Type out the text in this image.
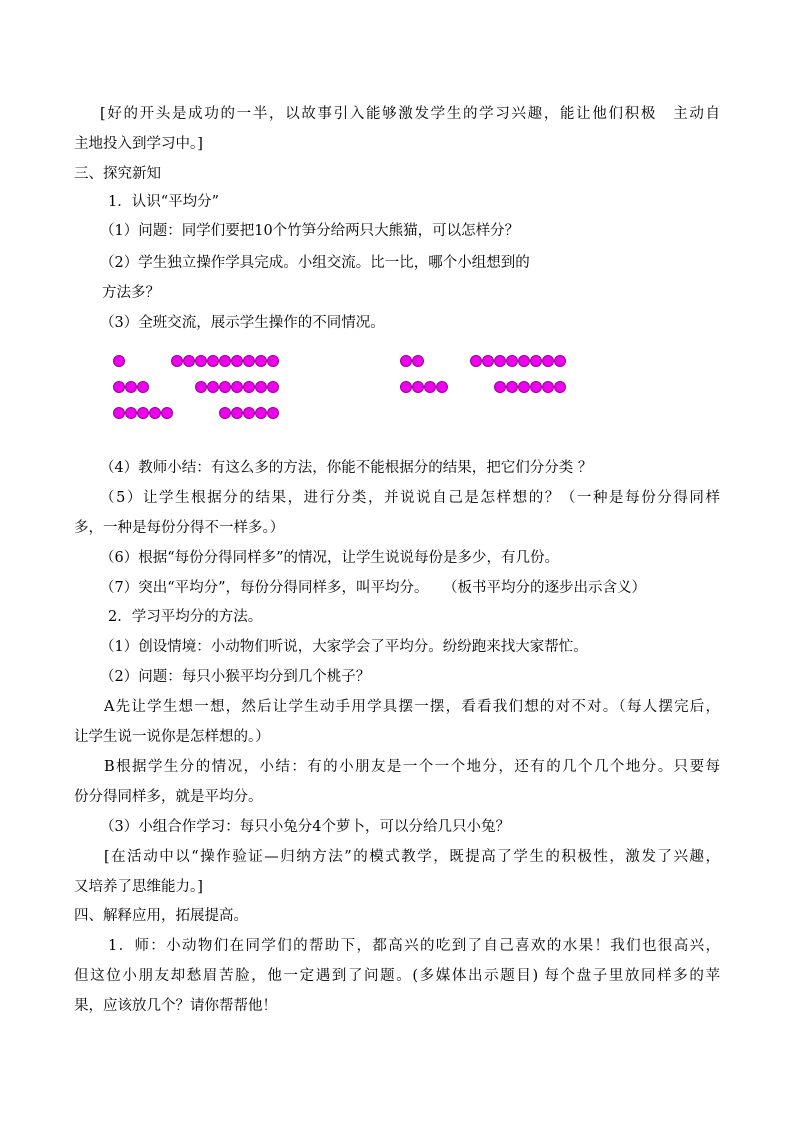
[好的开头是成功的一半，以故事引入能够激发学生的学习兴趣，能让他们积极　主动自
主地投入到学习中。]
三、探究新知
1．认识“平均分”
（1）问题：同学们要把10个竹笋分给两只大熊猫，可以怎样分？
（2）学生独立操作学具完成。小组交流。比一比，哪个小组想到的
方法多？
（3）全班交流，展示学生操作的不同情况。
（4）教师小结：有这么多的方法，你能不能根据分的结果，把它们分分类 ？
（5）让学生根据分的结果，进行分类，并说说自己是怎样想的？（一种是每份分得同样
多，一种是每份分得不一样多。）
（6）根据“每份分得同样多”的情况，让学生说说每份是多少，有几份。
（7）突出“平均分”，每份分得同样多，叫平均分。　　（板书平均分的逐步出示含义）
2．学习平均分的方法。
（1）创设情境：小动物们听说，大家学会了平均分。纷纷跑来找大家帮忙。
（2）问题：每只小猴平均分到几个桃子？
A先让学生想一想，然后让学生动手用学具摆一摆，看看我们想的对不对。（每人摆完后，
让学生说一说你是怎样想的。）
B根据学生分的情况，小结：有的小朋友是一个一个地分，还有的几个几个地分。只要每
份分得同样多，就是平均分。
（3）小组合作学习：每只小兔分4个萝卜，可以分给几只小兔？
[在活动中以“操作验证—归纳方法”的模式教学，既提高了学生的积极性，激发了兴趣，
又培养了思维能力。]
四、解释应用，拓展提高。
1．师：小动物们在同学们的帮助下，都高兴的吃到了自己喜欢的水果！我们也很高兴，
但这位小朋友却愁眉苦脸，他一定遇到了问题。(多媒体出示题目) 每个盘子里放同样多的苹
果，应该放几个？请你帮帮他！
